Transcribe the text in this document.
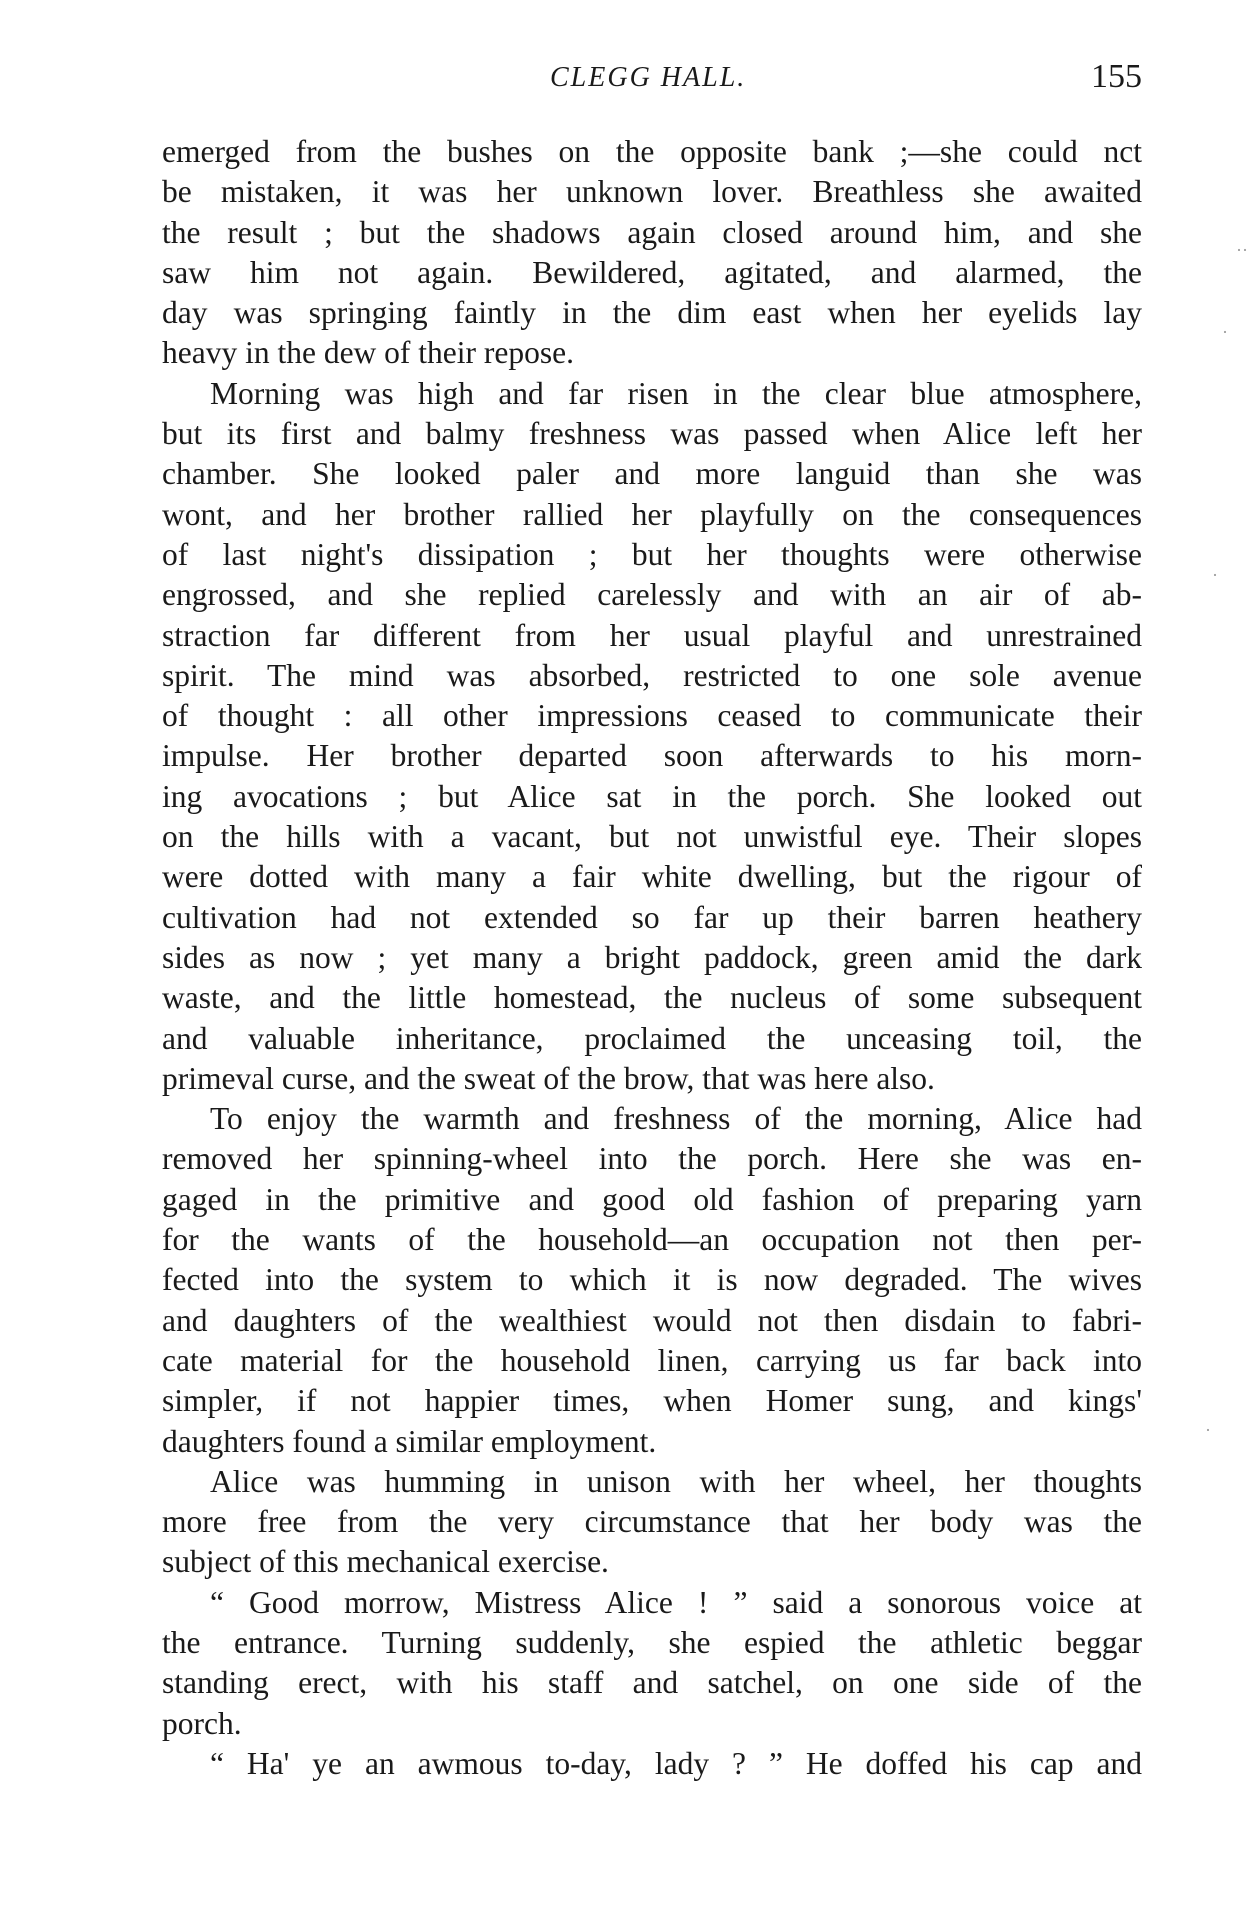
CLEGG HALL.	155
emerged from the bushes on the opposite bank ;—she could nct
be mistaken, it was her unknown lover. Breathless she awaited
the result ; but the shadows again closed around him, and she
saw him not again. Bewildered, agitated, and alarmed, the
day was springing faintly in the dim east when her eyelids lay
heavy in the dew of their repose.
Morning was high and far risen in the clear blue atmosphere,
but its first and balmy freshness was passed when Alice left her
chamber. She looked paler and more languid than she was
wont, and her brother rallied her playfully on the consequences
of last night's dissipation ; but her thoughts were otherwise
engrossed, and she replied carelessly and with an air of ab-
straction far different from her usual playful and unrestrained
spirit. The mind was absorbed, restricted to one sole avenue
of thought : all other impressions ceased to communicate their
impulse. Her brother departed soon afterwards to his morn-
ing avocations ; but Alice sat in the porch. She looked out
on the hills with a vacant, but not unwistful eye. Their slopes
were dotted with many a fair white dwelling, but the rigour of
cultivation had not extended so far up their barren heathery
sides as now ; yet many a bright paddock, green amid the dark
waste, and the little homestead, the nucleus of some subsequent
and valuable inheritance, proclaimed the unceasing toil, the
primeval curse, and the sweat of the brow, that was here also.
To enjoy the warmth and freshness of the morning, Alice had
removed her spinning-wheel into the porch. Here she was en-
gaged in the primitive and good old fashion of preparing yarn
for the wants of the household—an occupation not then per-
fected into the system to which it is now degraded. The wives
and daughters of the wealthiest would not then disdain to fabri-
cate material for the household linen, carrying us far back into
simpler, if not happier times, when Homer sung, and kings'
daughters found a similar employment.
Alice was humming in unison with her wheel, her thoughts
more free from the very circumstance that her body was the
subject of this mechanical exercise.
“ Good morrow, Mistress Alice ! ” said a sonorous voice at
the entrance. Turning suddenly, she espied the athletic beggar
standing erect, with his staff and satchel, on one side of the
porch.
“ Ha' ye an awmous to-day, lady ? ” He doffed his cap and
··
·
·
·
